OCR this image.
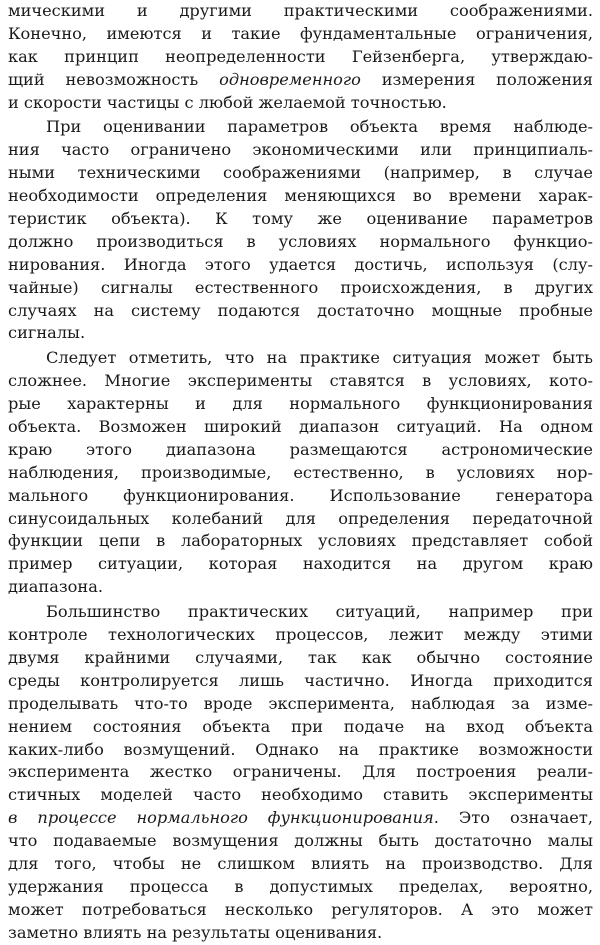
мическими и другими практическими соображениями.
Конечно, имеются и такие фундаментальные ограничения,
как принцип неопределенности Гейзенберга, утверждаю-
щий невозможность одновременного измерения положения
и скорости частицы с любой желаемой точностью.
При оценивании параметров объекта время наблюде-
ния часто ограничено экономическими или принципиаль-
ными техническими соображениями (например, в случае
необходимости определения меняющихся во времени харак-
теристик объекта). К тому же оценивание параметров
должно производиться в условиях нормального функцио-
нирования. Иногда этого удается достичь, используя (слу-
чайные) сигналы естественного происхождения, в других
случаях на систему подаются достаточно мощные пробные
сигналы.
Следует отметить, что на практике ситуация может быть
сложнее. Многие эксперименты ставятся в условиях, кото-
рые характерны и для нормального функционирования
объекта. Возможен широкий диапазон ситуаций. На одном
краю этого диапазона размещаются астрономические
наблюдения, производимые, естественно, в условиях нор-
мального функционирования. Использование генератора
синусоидальных колебаний для определения передаточной
функции цепи в лабораторных условиях представляет собой
пример ситуации, которая находится на другом краю
диапазона.
Большинство практических ситуаций, например при
контроле технологических процессов, лежит между этими
двумя крайними случаями, так как обычно состояние
среды контролируется лишь частично. Иногда приходится
проделывать что-то вроде эксперимента, наблюдая за изме-
нением состояния объекта при подаче на вход объекта
каких-либо возмущений. Однако на практике возможности
эксперимента жестко ограничены. Для построения реали-
стичных моделей часто необходимо ставить эксперименты
в процессе нормального функционирования. Это означает,
что подаваемые возмущения должны быть достаточно малы
для того, чтобы не слишком влиять на производство. Для
удержания процесса в допустимых пределах, вероятно,
может потребоваться несколько регуляторов. А это может
заметно влиять на результаты оценивания.
